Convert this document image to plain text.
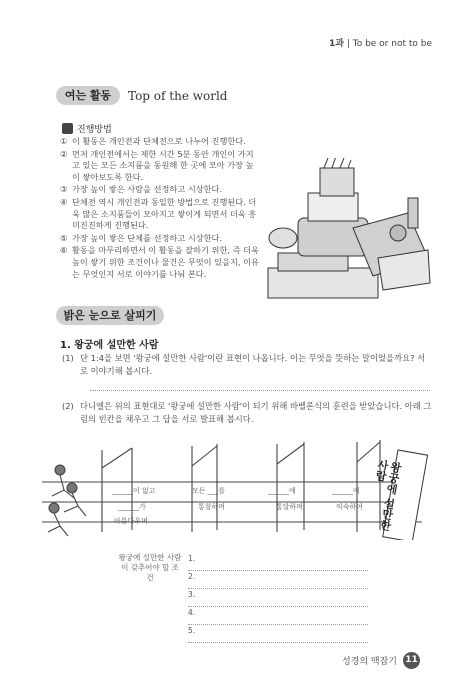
1과 | To be or not to be
여는 활동	Top of the world
진행방법
① 이 활동은 개인전과 단체전으로 나누어 진행한다.
② 먼저 개인전에서는 제한 시간 5분 동안 개인이 가지고 있는 모든 소지품을 동원해 한 곳에 모아 가장 높이 쌓아보도록 한다.
③ 가장 높이 쌓은 사람을 선정하고 시상한다.
④ 단체전 역시 개인전과 동일한 방법으로 진행된다. 더욱 많은 소지품들이 모아지고 쌓이게 되면서 더욱 흥미진진하게 진행된다.
⑤ 가장 높이 쌓은 단체를 선정하고 시상한다.
⑥ 활동을 마무리하면서 이 활동을 잘하기 위한, 즉 더욱 높이 쌓기 위한 조건이나 물건은 무엇이 있을지, 이유는 무엇인지 서로 이야기를 나눠 본다.
밝은 눈으로 살피기
1. 왕궁에 설만한 사람
(1) 단 1:4을 보면 '왕궁에 설만한 사람'이란 표현이 나옵니다. 이는 무엇을 뜻하는 말이었을까요? 서로 이야기해 봅시다.
(2) 다니엘은 위의 표현대로 '왕궁에 설만한 사람'이 되기 위해 바벨론식의 훈련을 받았습니다. 아래 그림의 빈칸을 채우고 그 답을 서로 발표해 봅시다.
왕궁에 설만한 사람
______이 없고
______가
아름다우며
모든 ___를
통찰하며
______에
통달하며
______에
익숙하여
왕궁에 설만한 사람이 갖추어야 할 조건
1.
2.
3.
4.
5.
성경의 맥잡기 11
